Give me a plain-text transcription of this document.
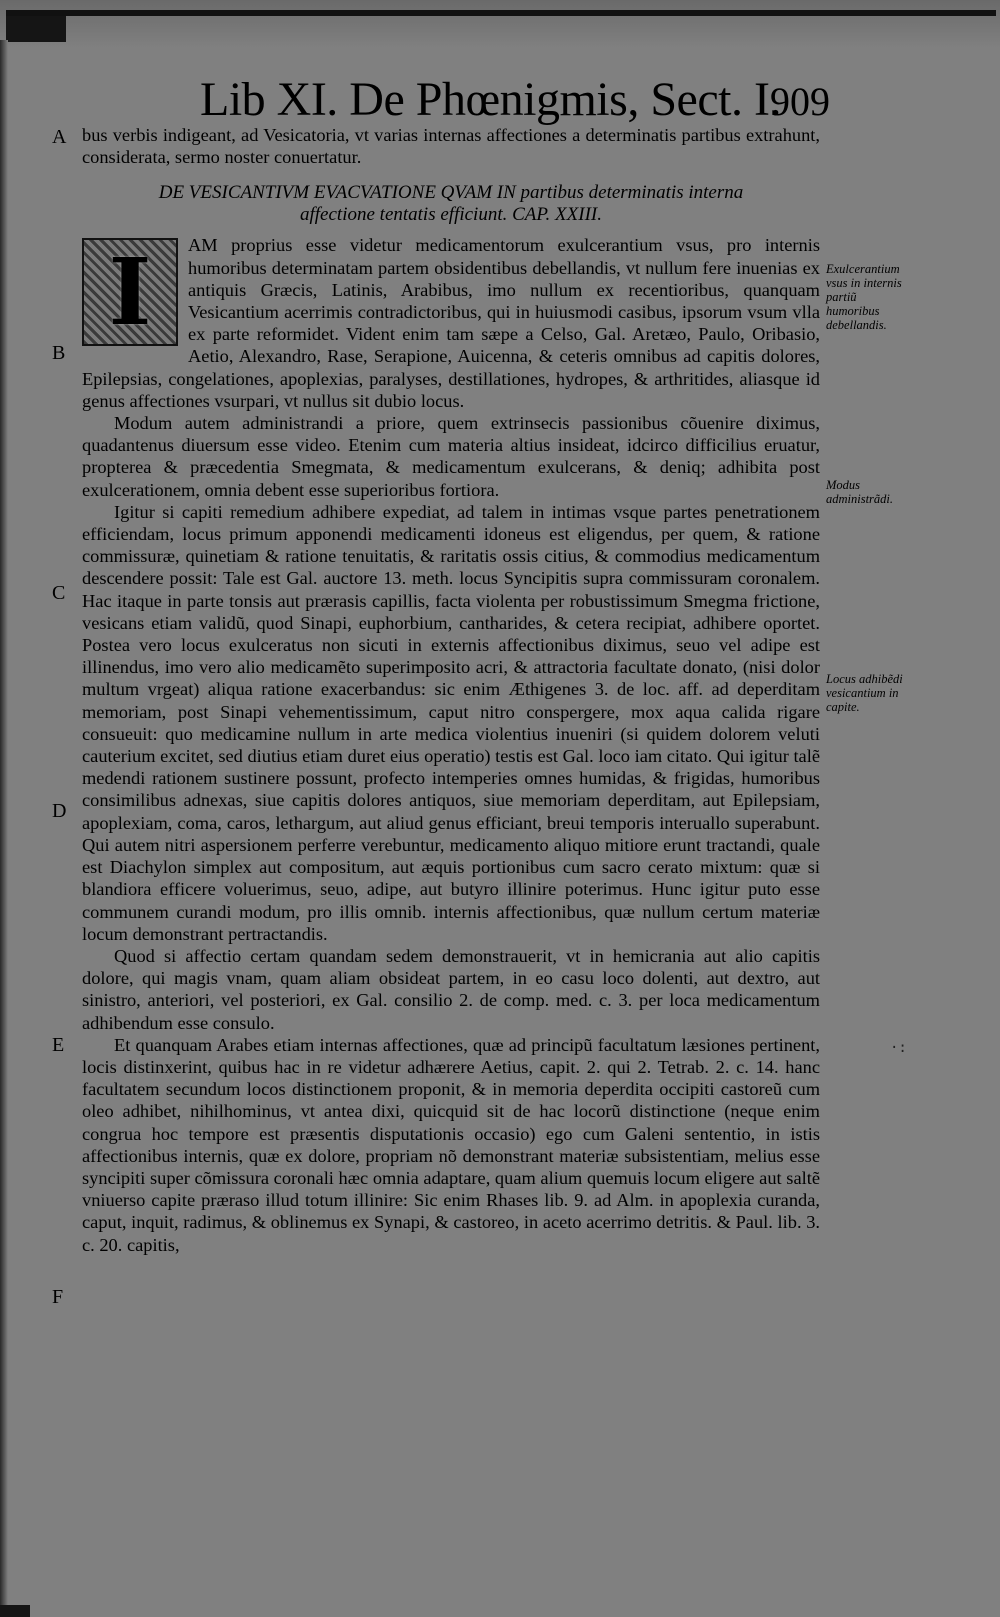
Lib XI. De Phœnigmis, Sect. I.
909
A
B
C
D
E
F

bus verbis indigeant, ad Vesicatoria, vt varias internas affectiones a determinatis partibus extrahunt, considerata, sermo noster conuertatur.

DE VESICANTIVM EVACVATIONE QVAM IN partibus determinatis interna affectione tentatis efficiunt. CAP. XXIII.

I	AM proprius esse videtur medicamentorum exulcerantium vsus, pro internis humoribus determinatam partem obsidentibus debellandis, vt nullum fere inuenias ex antiquis Græcis, Latinis, Arabibus, imo nullum ex recentioribus, quanquam Vesicantium acerrimis contradictoribus, qui in huiusmodi casibus, ipsorum vsum vlla ex parte reformidet. Vident enim tam sæpe a Celso, Gal. Aretæo, Paulo, Oribasio, Aetio, Alexandro, Rase, Serapione, Auicenna, & ceteris omnibus ad capitis dolores, Epilepsias, congelationes, apoplexias, paralyses, destillationes, hydropes, & arthritides, aliasque id genus affectiones vsurpari, vt nullus sit dubio locus.

Modum autem administrandi a priore, quem extrinsecis passionibus cõuenire diximus, quadantenus diuersum esse video. Etenim cum materia altius insideat, idcirco difficilius eruatur, propterea & præcedentia Smegmata, & medicamentum exulcerans, & deniq; adhibita post exulcerationem, omnia debent esse superioribus fortiora.

Igitur si capiti remedium adhibere expediat, ad talem in intimas vsque partes penetrationem efficiendam, locus primum apponendi medicamenti idoneus est eligendus, per quem, & ratione commissuræ, quinetiam & ratione tenuitatis, & raritatis ossis citius, & commodius medicamentum descendere possit: Tale est Gal. auctore 13. meth. locus Syncipitis supra commissuram coronalem. Hac itaque in parte tonsis aut prærasis capillis, facta violenta per robustissimum Smegma frictione, vesicans etiam validũ, quod Sinapi, euphorbium, cantharides, & cetera recipiat, adhibere oportet. Postea vero locus exulceratus non sicuti in externis affectionibus diximus, seuo vel adipe est illinendus, imo vero alio medicamẽto superimposito acri, & attractoria facultate donato, (nisi dolor multum vrgeat) aliqua ratione exacerbandus: sic enim Æthigenes 3. de loc. aff. ad deperditam memoriam, post Sinapi vehementissimum, caput nitro conspergere, mox aqua calida rigare consueuit: quo medicamine nullum in arte medica violentius inueniri (si quidem dolorem veluti cauterium excitet, sed diutius etiam duret eius operatio) testis est Gal. loco iam citato. Qui igitur talẽ medendi rationem sustinere possunt, profecto intemperies omnes humidas, & frigidas, humoribus consimilibus adnexas, siue capitis dolores antiquos, siue memoriam deperditam, aut Epilepsiam, apoplexiam, coma, caros, lethargum, aut aliud genus efficiant, breui temporis interuallo superabunt. Qui autem nitri aspersionem perferre verebuntur, medicamento aliquo mitiore erunt tractandi, quale est Diachylon simplex aut compositum, aut æquis portionibus cum sacro cerato mixtum: quæ si blandiora efficere voluerimus, seuo, adipe, aut butyro illinire poterimus. Hunc igitur puto esse communem curandi modum, pro illis omnib. internis affectionibus, quæ nullum certum materiæ locum demonstrant pertractandis.

Quod si affectio certam quandam sedem demonstrauerit, vt in hemicrania aut alio capitis dolore, qui magis vnam, quam aliam obsideat partem, in eo casu loco dolenti, aut dextro, aut sinistro, anteriori, vel posteriori, ex Gal. consilio 2. de comp. med. c. 3. per loca medicamentum adhibendum esse consulo.

Et quanquam Arabes etiam internas affectiones, quæ ad principũ facultatum læsiones pertinent, locis distinxerint, quibus hac in re videtur adhærere Aetius, capit. 2. qui 2. Tetrab. 2. c. 14. hanc facultatem secundum locos distinctionem proponit, & in memoria deperdita occipiti castoreũ cum oleo adhibet, nihilhominus, vt antea dixi, quicquid sit de hac locorũ distinctione (neque enim congrua hoc tempore est præsentis disputationis occasio) ego cum Galeni sententio, in istis affectionibus internis, quæ ex dolore, propriam nõ demonstrant materiæ subsistentiam, melius esse syncipiti super cõmissura coronali hæc omnia adaptare, quam alium quemuis locum eligere aut saltẽ vniuerso capite præraso illud totum illinire: Sic enim Rhases lib. 9. ad Alm. in apoplexia curanda, caput, inquit, radimus, & oblinemus ex Synapi, & castoreo, in aceto acerrimo detritis. & Paul. lib. 3. c. 20. capitis,

Exulcerantium vsus in internis partiũ humoribus debellandis.
Modus administrãdi.
Locus adhibẽdi vesicantium in capite.
·:
